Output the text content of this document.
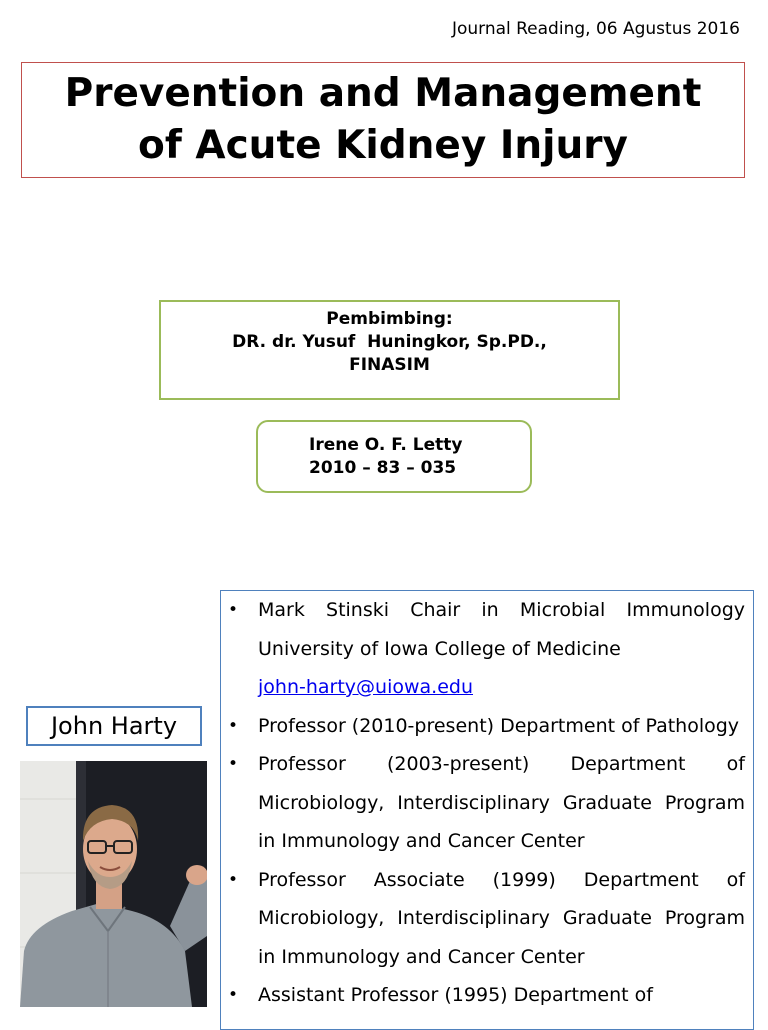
Journal Reading, 06 Agustus 2016
Prevention and Management
of Acute Kidney Injury
Pembimbing:
DR. dr. Yusuf  Huningkor, Sp.PD.,
FINASIM
Irene O. F. Letty
2010 – 83 – 035
John Harty
• Mark Stinski Chair in Microbial Immunology University of Iowa College of Medicine
john-harty@uiowa.edu
• Professor (2010-present) Department of Pathology
• Professor (2003-present) Department of Microbiology, Interdisciplinary Graduate Program in Immunology and Cancer Center
• Professor Associate (1999) Department of Microbiology, Interdisciplinary Graduate Program in Immunology and Cancer Center
• Assistant Professor (1995) Department of
